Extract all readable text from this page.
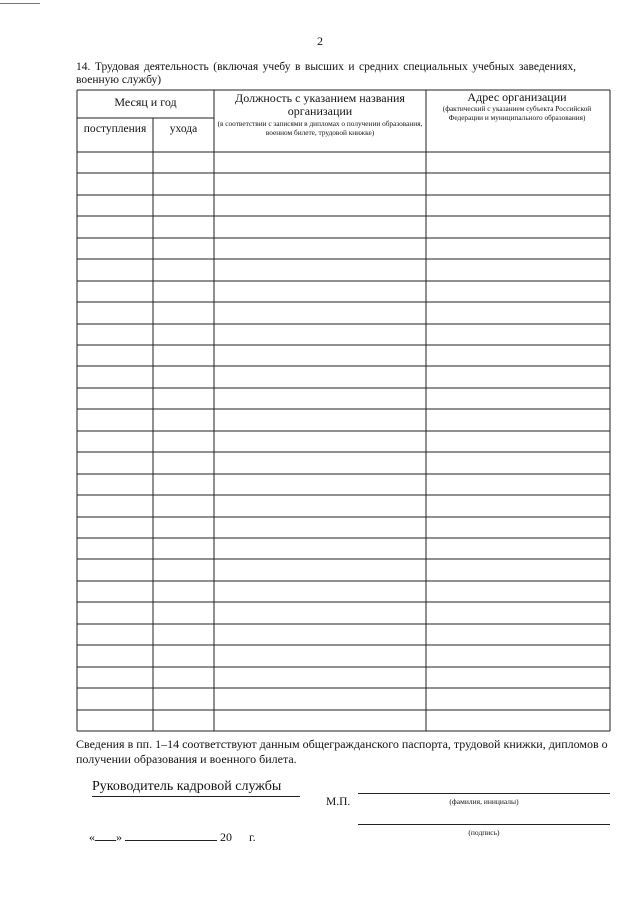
2
14. Трудовая деятельность (включая учебу в высших и средних специальных учебных заведениях, военную службу)
Месяц и год
поступления	ухода
Должность с указанием названия организации
(в соответствии с записями в дипломах о получении образования, военном билете, трудовой книжке)
Адрес организации
(фактический с указанием субъекта Российской Федерации и муниципального образования)
Сведения в пп. 1–14 соответствуют данным общегражданского паспорта, трудовой книжки, дипломов о получении образования и военного билета.
Руководитель кадровой службы
М.П.	(фамилия, инициалы)

« »	20 г.	(подпись)
